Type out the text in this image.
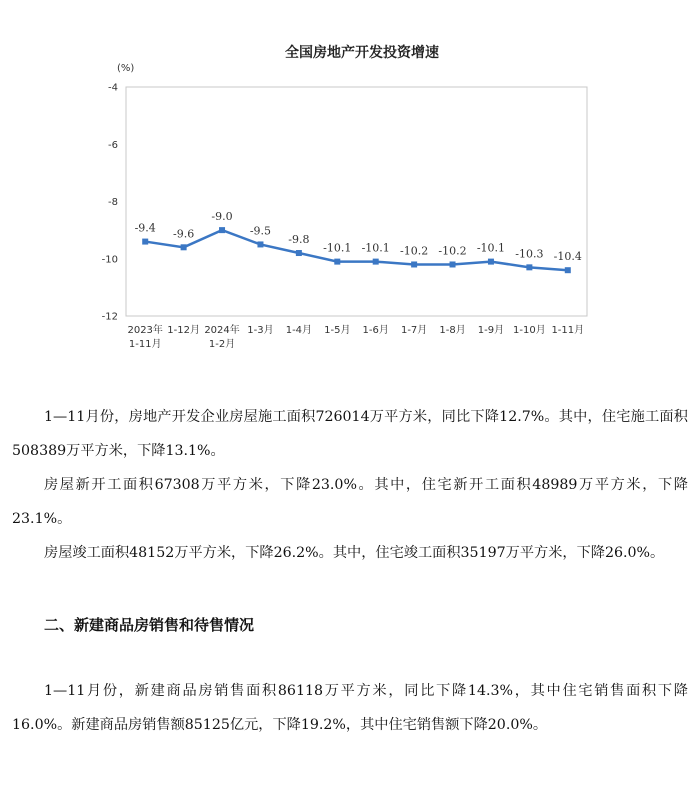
全国房地产开发投资增速
(%)
-4
-6
-8
-10
-12
2023年 1-11月
1-12月 2024年 1-2月
1-3月 1-4月 1-5月 1-6月 1-7月 1-8月 1-9月 1-10月 1-11月
-9.4 -9.6
-9.0
-9.5
-9.8
-10.1 -10.1 -10.2 -10.2 -10.1 -10.3 -10.4

1—11月份，房地产开发企业房屋施工面积726014万平方米，同比下降12.7%。其中，住宅施工面积508389万平方米，下降13.1%。

房屋新开工面积67308万平方米，下降23.0%。其中，住宅新开工面积48989万平方米，下降23.1%。

房屋竣工面积48152万平方米，下降26.2%。其中，住宅竣工面积35197万平方米，下降26.0%。

二、新建商品房销售和待售情况

1—11月份，新建商品房销售面积86118万平方米，同比下降14.3%，其中住宅销售面积下降16.0%。新建商品房销售额85125亿元，下降19.2%，其中住宅销售额下降20.0%。
